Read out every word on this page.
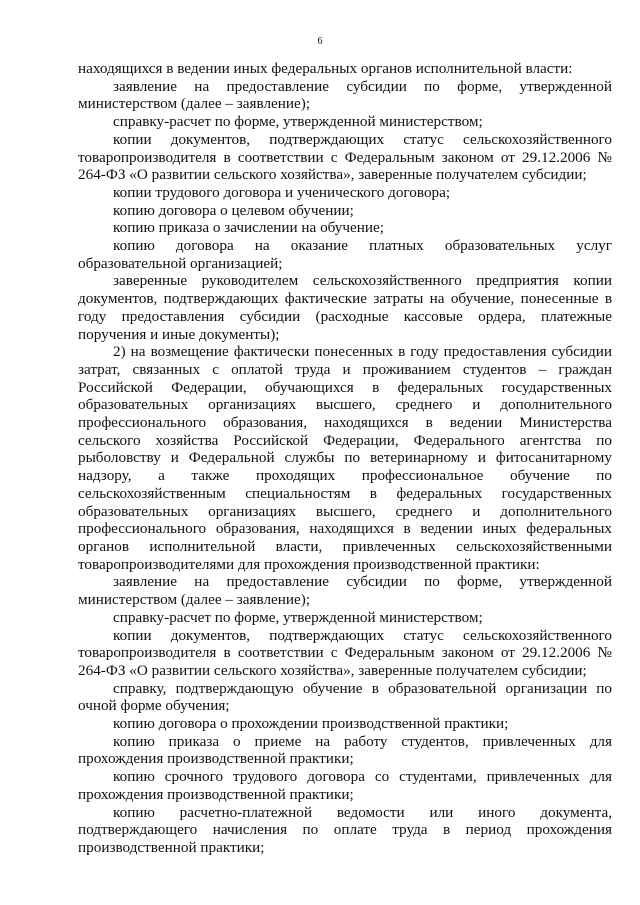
6

находящихся в ведении иных федеральных органов исполнительной власти:

заявление на предоставление субсидии по форме, утвержденной министерством (далее – заявление);

справку-расчет по форме, утвержденной министерством;

копии документов, подтверждающих статус сельскохозяйственного товаропроизводителя в соответствии с Федеральным законом от 29.12.2006 № 264-ФЗ «О развитии сельского хозяйства», заверенные получателем субсидии;

копии трудового договора и ученического договора;

копию договора о целевом обучении;

копию приказа о зачислении на обучение;

копию договора на оказание платных образовательных услуг образовательной организацией;

заверенные руководителем сельскохозяйственного предприятия копии документов, подтверждающих фактические затраты на обучение, понесенные в году предоставления субсидии (расходные кассовые ордера, платежные поручения и иные документы);

2) на возмещение фактически понесенных в году предоставления субсидии затрат, связанных с оплатой труда и проживанием студентов – граждан Российской Федерации, обучающихся в федеральных государственных образовательных организациях высшего, среднего и дополнительного профессионального образования, находящихся в ведении Министерства сельского хозяйства Российской Федерации, Федерального агентства по рыболовству и Федеральной службы по ветеринарному и фитосанитарному надзору, а также проходящих профессиональное обучение по сельскохозяйственным специальностям в федеральных государственных образовательных организациях высшего, среднего и дополнительного профессионального образования, находящихся в ведении иных федеральных органов исполнительной власти, привлеченных сельскохозяйственными товаропроизводителями для прохождения производственной практики:

заявление на предоставление субсидии по форме, утвержденной министерством (далее – заявление);

справку-расчет по форме, утвержденной министерством;

копии документов, подтверждающих статус сельскохозяйственного товаропроизводителя в соответствии с Федеральным законом от 29.12.2006 № 264-ФЗ «О развитии сельского хозяйства», заверенные получателем субсидии;

справку, подтверждающую обучение в образовательной организации по очной форме обучения;

копию договора о прохождении производственной практики;

копию приказа о приеме на работу студентов, привлеченных для прохождения производственной практики;

копию срочного трудового договора со студентами, привлеченных для прохождения производственной практики;

копию расчетно-платежной ведомости или иного документа, подтверждающего начисления по оплате труда в период прохождения производственной практики;
